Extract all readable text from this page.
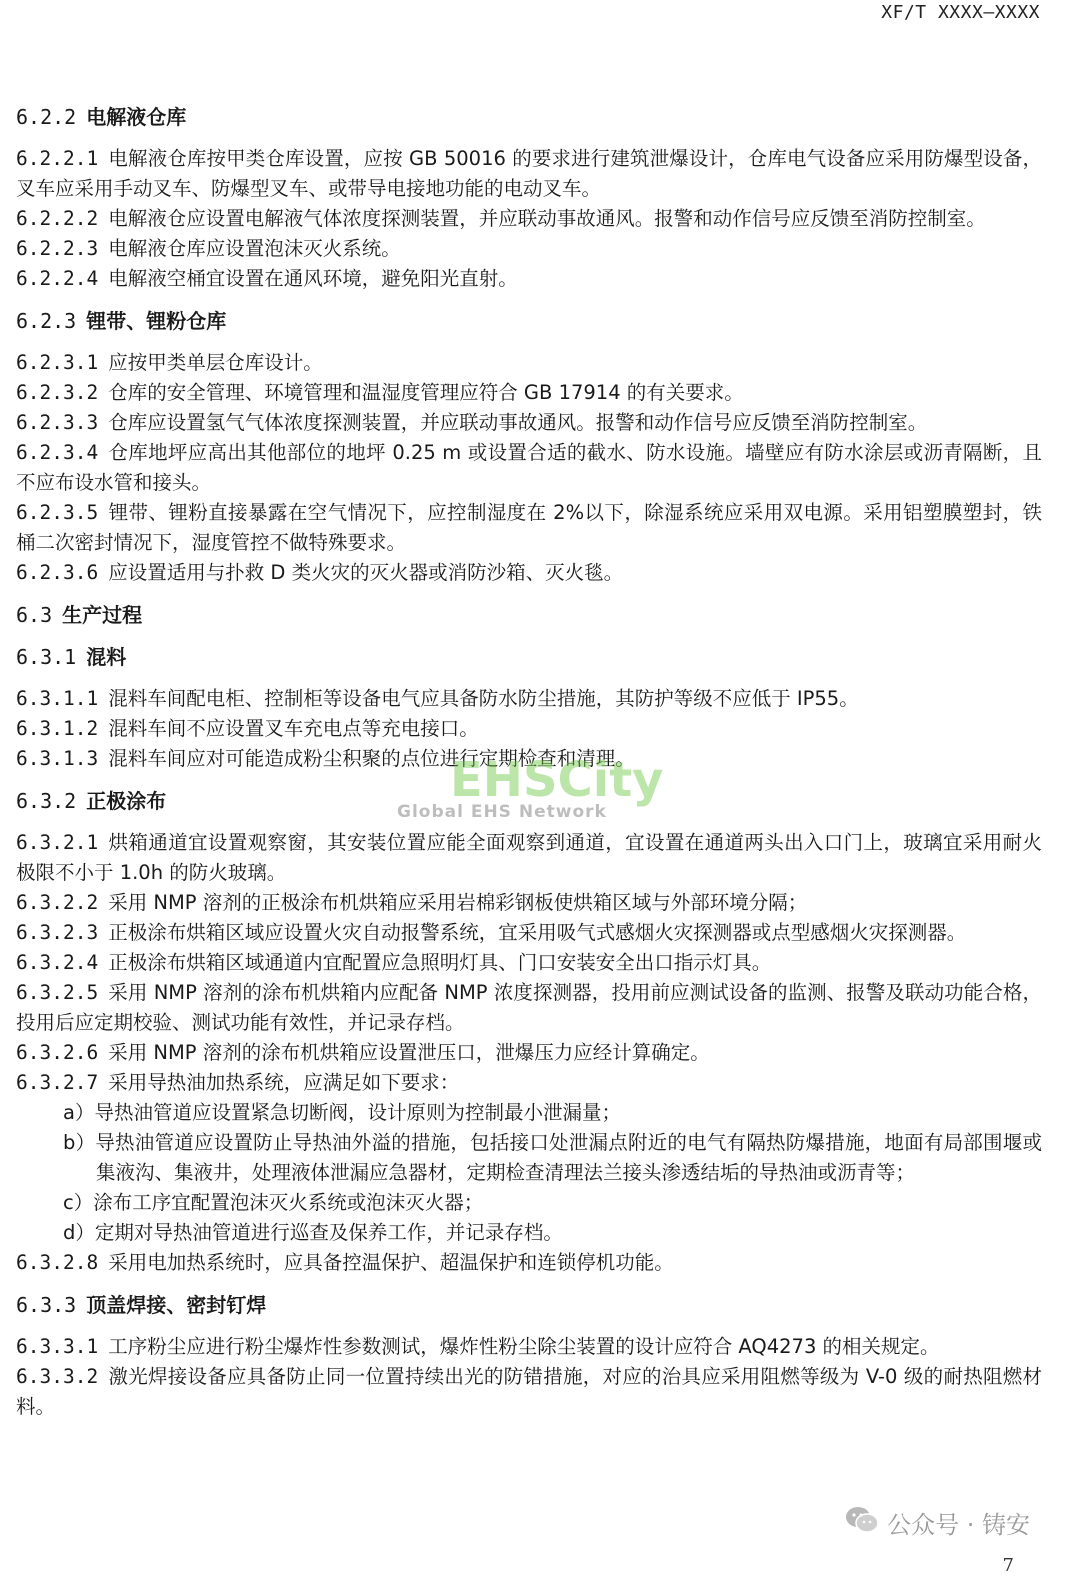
XF/T XXXX—XXXX
6.2.2 电解液仓库

6.2.2.1 电解液仓库按甲类仓库设置，应按 GB 50016 的要求进行建筑泄爆设计，仓库电气设备应采用防爆型设备，叉车应采用手动叉车、防爆型叉车、或带导电接地功能的电动叉车。

6.2.2.2 电解液仓应设置电解液气体浓度探测装置，并应联动事故通风。报警和动作信号应反馈至消防控制室。

6.2.2.3 电解液仓库应设置泡沫灭火系统。

6.2.2.4 电解液空桶宜设置在通风环境，避免阳光直射。

6.2.3 锂带、锂粉仓库

6.2.3.1 应按甲类单层仓库设计。

6.2.3.2 仓库的安全管理、环境管理和温湿度管理应符合 GB 17914 的有关要求。

6.2.3.3 仓库应设置氢气气体浓度探测装置，并应联动事故通风。报警和动作信号应反馈至消防控制室。

6.2.3.4 仓库地坪应高出其他部位的地坪 0.25 m 或设置合适的截水、防水设施。墙壁应有防水涂层或沥青隔断，且不应布设水管和接头。

6.2.3.5 锂带、锂粉直接暴露在空气情况下，应控制湿度在 2%以下，除湿系统应采用双电源。采用铝塑膜塑封，铁桶二次密封情况下，湿度管控不做特殊要求。

6.2.3.6 应设置适用与扑救 D 类火灾的灭火器或消防沙箱、灭火毯。

6.3 生产过程
6.3.1 混料

6.3.1.1 混料车间配电柜、控制柜等设备电气应具备防水防尘措施，其防护等级不应低于 IP55。

6.3.1.2 混料车间不应设置叉车充电点等充电接口。

6.3.1.3 混料车间应对可能造成粉尘积聚的点位进行定期检查和清理。

6.3.2 正极涂布

6.3.2.1 烘箱通道宜设置观察窗，其安装位置应能全面观察到通道，宜设置在通道两头出入口门上，玻璃宜采用耐火极限不小于 1.0h 的防火玻璃。

6.3.2.2 采用 NMP 溶剂的正极涂布机烘箱应采用岩棉彩钢板使烘箱区域与外部环境分隔；

6.3.2.3 正极涂布烘箱区域应设置火灾自动报警系统，宜采用吸气式感烟火灾探测器或点型感烟火灾探测器。

6.3.2.4 正极涂布烘箱区域通道内宜配置应急照明灯具、门口安装安全出口指示灯具。

6.3.2.5 采用 NMP 溶剂的涂布机烘箱内应配备 NMP 浓度探测器，投用前应测试设备的监测、报警及联动功能合格，投用后应定期校验、测试功能有效性，并记录存档。

6.3.2.6 采用 NMP 溶剂的涂布机烘箱应设置泄压口，泄爆压力应经计算确定。

6.3.2.7 采用导热油加热系统，应满足如下要求：

a）导热油管道应设置紧急切断阀，设计原则为控制最小泄漏量；

b）导热油管道应设置防止导热油外溢的措施，包括接口处泄漏点附近的电气有隔热防爆措施，地面有局部围堰或集液沟、集液井，处理液体泄漏应急器材，定期检查清理法兰接头渗透结垢的导热油或沥青等；

c）涂布工序宜配置泡沫灭火系统或泡沫灭火器；

d）定期对导热油管道进行巡查及保养工作，并记录存档。

6.3.2.8 采用电加热系统时，应具备控温保护、超温保护和连锁停机功能。

6.3.3 顶盖焊接、密封钉焊

6.3.3.1 工序粉尘应进行粉尘爆炸性参数测试，爆炸性粉尘除尘装置的设计应符合 AQ4273 的相关规定。

6.3.3.2 激光焊接设备应具备防止同一位置持续出光的防错措施，对应的治具应采用阻燃等级为 V-0 级的耐热阻燃材料。

EHSCity
Global EHS Network
公众号 · 铸安
7
